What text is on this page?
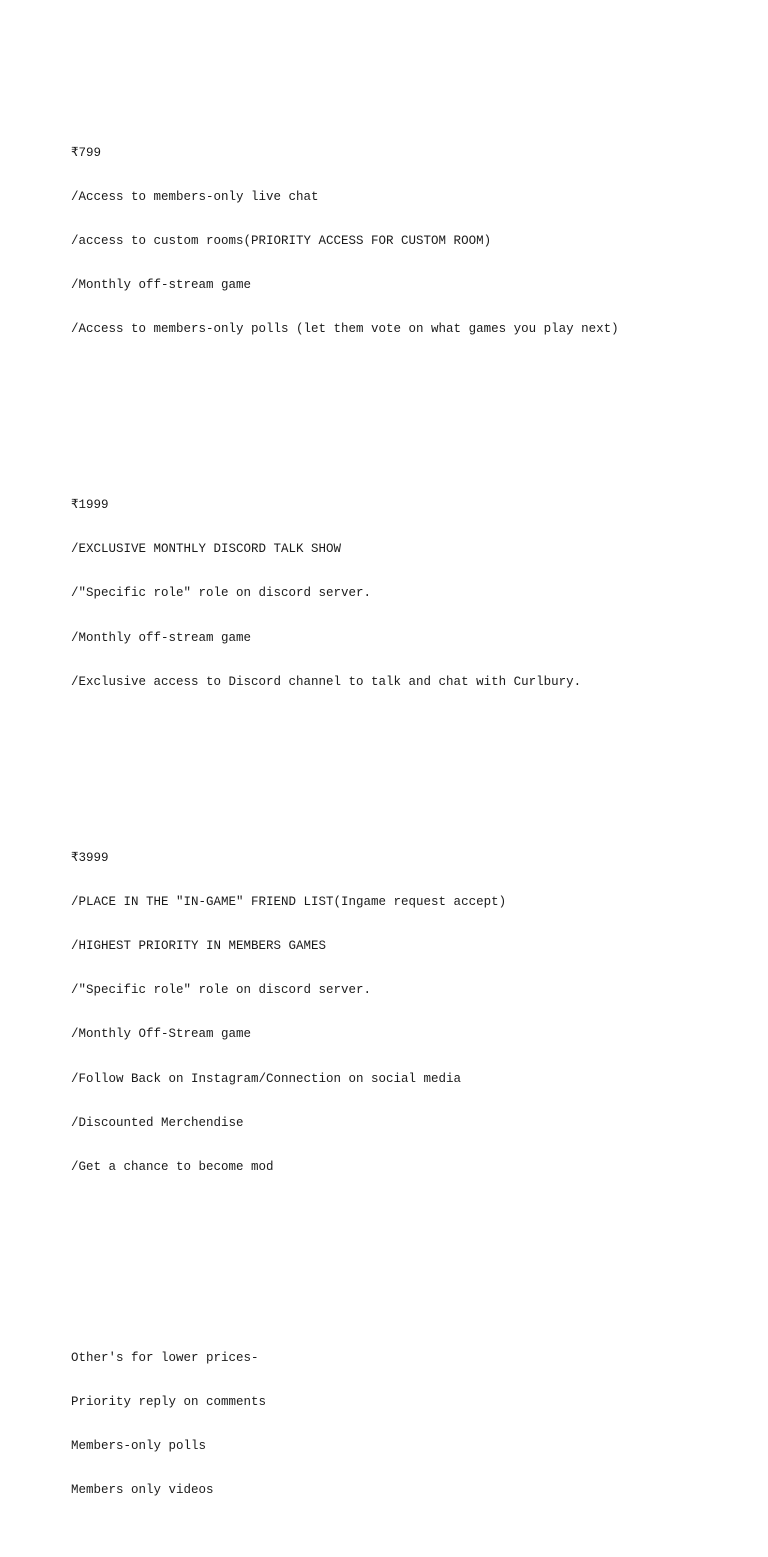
₹799

/Access to members-only live chat

/access to custom rooms(PRIORITY ACCESS FOR CUSTOM ROOM)

/Monthly off-stream game

/Access to members-only polls (let them vote on what games you play next)

₹1999

/EXCLUSIVE MONTHLY DISCORD TALK SHOW

/"Specific role" role on discord server.

/Monthly off-stream game

/Exclusive access to Discord channel to talk and chat with Curlbury.

₹3999

/PLACE IN THE "IN-GAME" FRIEND LIST(Ingame request accept)

/HIGHEST PRIORITY IN MEMBERS GAMES

/"Specific role" role on discord server.

/Monthly Off-Stream game

/Follow Back on Instagram/Connection on social media

/Discounted Merchendise

/Get a chance to become mod

Other's for lower prices-

Priority reply on comments

Members-only polls

Members only videos
